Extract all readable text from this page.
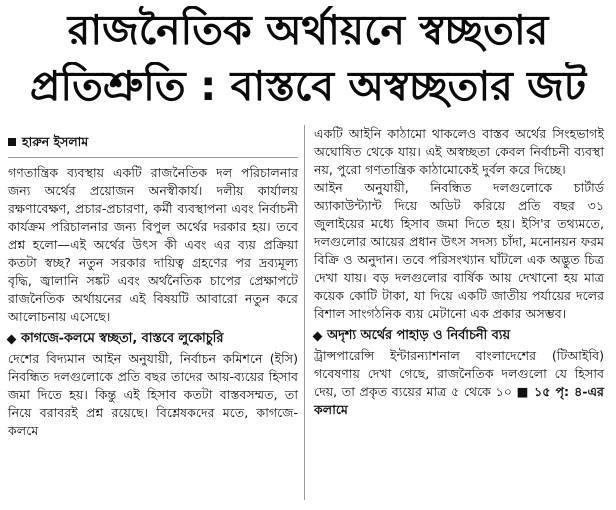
রাজনৈতিক অর্থায়নে স্বচ্ছতার
প্রতিশ্রুতি : বাস্তবে অস্বচ্ছতার জট
হারুন ইসলাম

গণতান্ত্রিক ব্যবস্থায় একটি রাজনৈতিক দল পরিচালনার জন্য অর্থের প্রয়োজন অনস্বীকার্য। দলীয় কার্যালয় রক্ষণাবেক্ষণ, প্রচার-প্রচারণা, কর্মী ব্যবস্থাপনা এবং নির্বাচনী কার্যক্রম পরিচালনার জন্য বিপুল অর্থের দরকার হয়। তবে প্রশ্ন হলো—এই অর্থের উৎস কী এবং এর ব্যয় প্রক্রিয়া কতটা স্বচ্ছ? নতুন সরকার দায়িত্ব গ্রহণের পর দ্রব্যমূল্য বৃদ্ধি, জ্বালানি সঙ্কট এবং অর্থনৈতিক চাপের প্রেক্ষাপটে রাজনৈতিক অর্থায়নের এই বিষয়টি আবারো নতুন করে আলোচনায় এসেছে।

কাগজে-কলমে স্বচ্ছতা, বাস্তবে লুকোচুরি

দেশের বিদ্যমান আইন অনুযায়ী, নির্বাচন কমিশনে (ইসি) নিবন্ধিত দলগুলোকে প্রতি বছর তাদের আয়-ব্যয়ের হিসাব জমা দিতে হয়। কিন্তু এই হিসাব কতটা বাস্তবসম্মত, তা নিয়ে বরাবরই প্রশ্ন রয়েছে। বিশ্লেষকদের মতে, কাগজে-কলমে

একটি আইনি কাঠামো থাকলেও বাস্তব অর্থের সিংহভাগই অঘোষিত থেকে যায়। এই অস্বচ্ছতা কেবল নির্বাচনী ব্যবস্থা নয়, পুরো গণতান্ত্রিক কাঠামোকেই দুর্বল করে দিচ্ছে।

আইন অনুযায়ী, নিবন্ধিত দলগুলোকে চার্টার্ড অ্যাকাউন্ট্যান্ট দিয়ে অডিট করিয়ে প্রতি বছর ৩১ জুলাইয়ের মধ্যে হিসাব জমা দিতে হয়। ইসি'র তথ্যমতে, দলগুলোর আয়ের প্রধান উৎস সদস্য চাঁদা, মনোনয়ন ফরম বিক্রি ও অনুদান। তবে পরিসংখ্যান ঘাঁটলে এক অদ্ভুত চিত্র দেখা যায়। বড় দলগুলোর বার্ষিক আয় দেখানো হয় মাত্র কয়েক কোটি টাকা, যা দিয়ে একটি জাতীয় পর্যায়ের দলের বিশাল সাংগঠনিক ব্যয় মেটানো এক প্রকার অসম্ভব।

অদৃশ্য অর্থের পাহাড় ও নির্বাচনী ব্যয়

ট্রান্সপারেন্সি ইন্টারন্যাশনাল বাংলাদেশের (টিআইবি) গবেষণায় দেখা গেছে, রাজনৈতিক দলগুলো যে হিসাব দেয়, তা প্রকৃত ব্যয়ের মাত্র ৫ থেকে ১০ ■ ১৫ পৃ: ৪-এর কলামে
